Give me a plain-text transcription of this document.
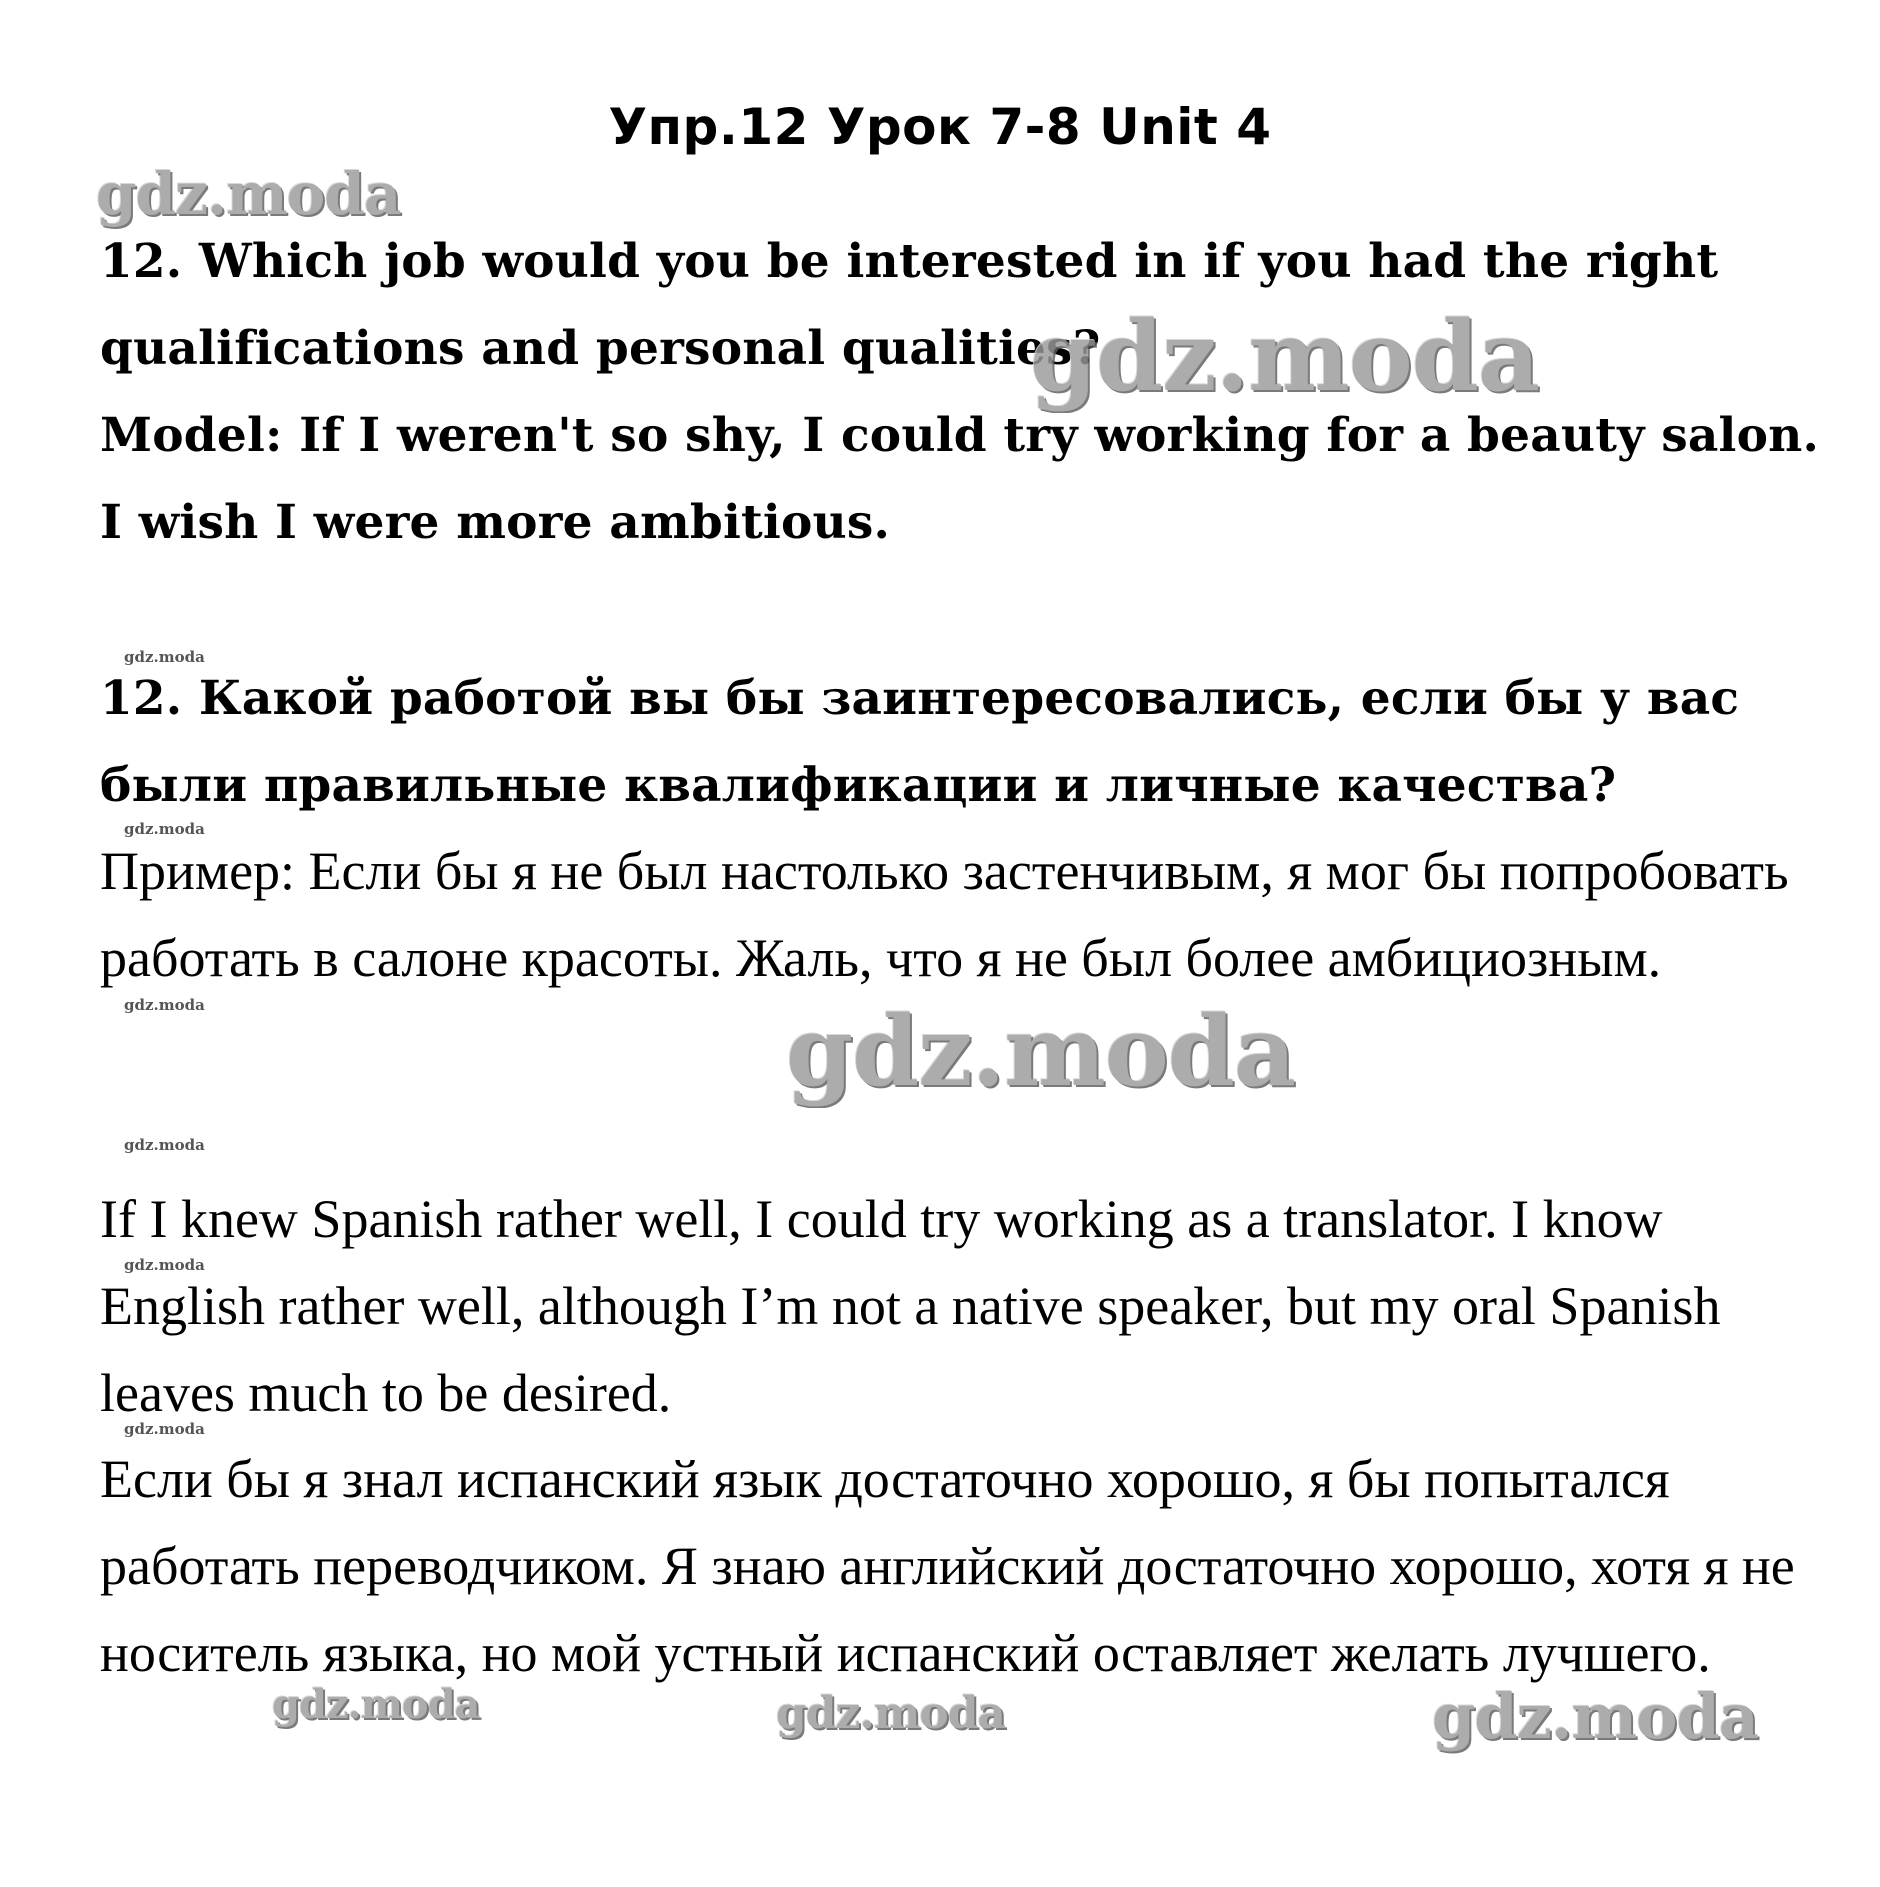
Упр.12 Урок 7-8 Unit 4
12. Which job would you be interested in if you had the right qualifications and personal qualities?
Model: If I weren't so shy, I could try working for a beauty salon. I wish I were more ambitious.
12. Какой работой вы бы заинтересовались, если бы у вас были правильные квалификации и личные качества?
Пример: Если бы я не был настолько застенчивым, я мог бы попробовать работать в салоне красоты. Жаль, что я не был более амбициозным.
If I knew Spanish rather well, I could try working as a translator. I know English rather well, although I’m not a native speaker, but my oral Spanish leaves much to be desired.
Если бы я знал испанский язык достаточно хорошо, я бы попытался работать переводчиком. Я знаю английский достаточно хорошо, хотя я не носитель языка, но мой устный испанский оставляет желать лучшего.
gdz.moda
gdz.moda
gdz.moda
gdz.moda	gdz.moda	gdz.moda
gdz.moda
gdz.moda
gdz.moda
gdz.moda
gdz.moda
gdz.moda
